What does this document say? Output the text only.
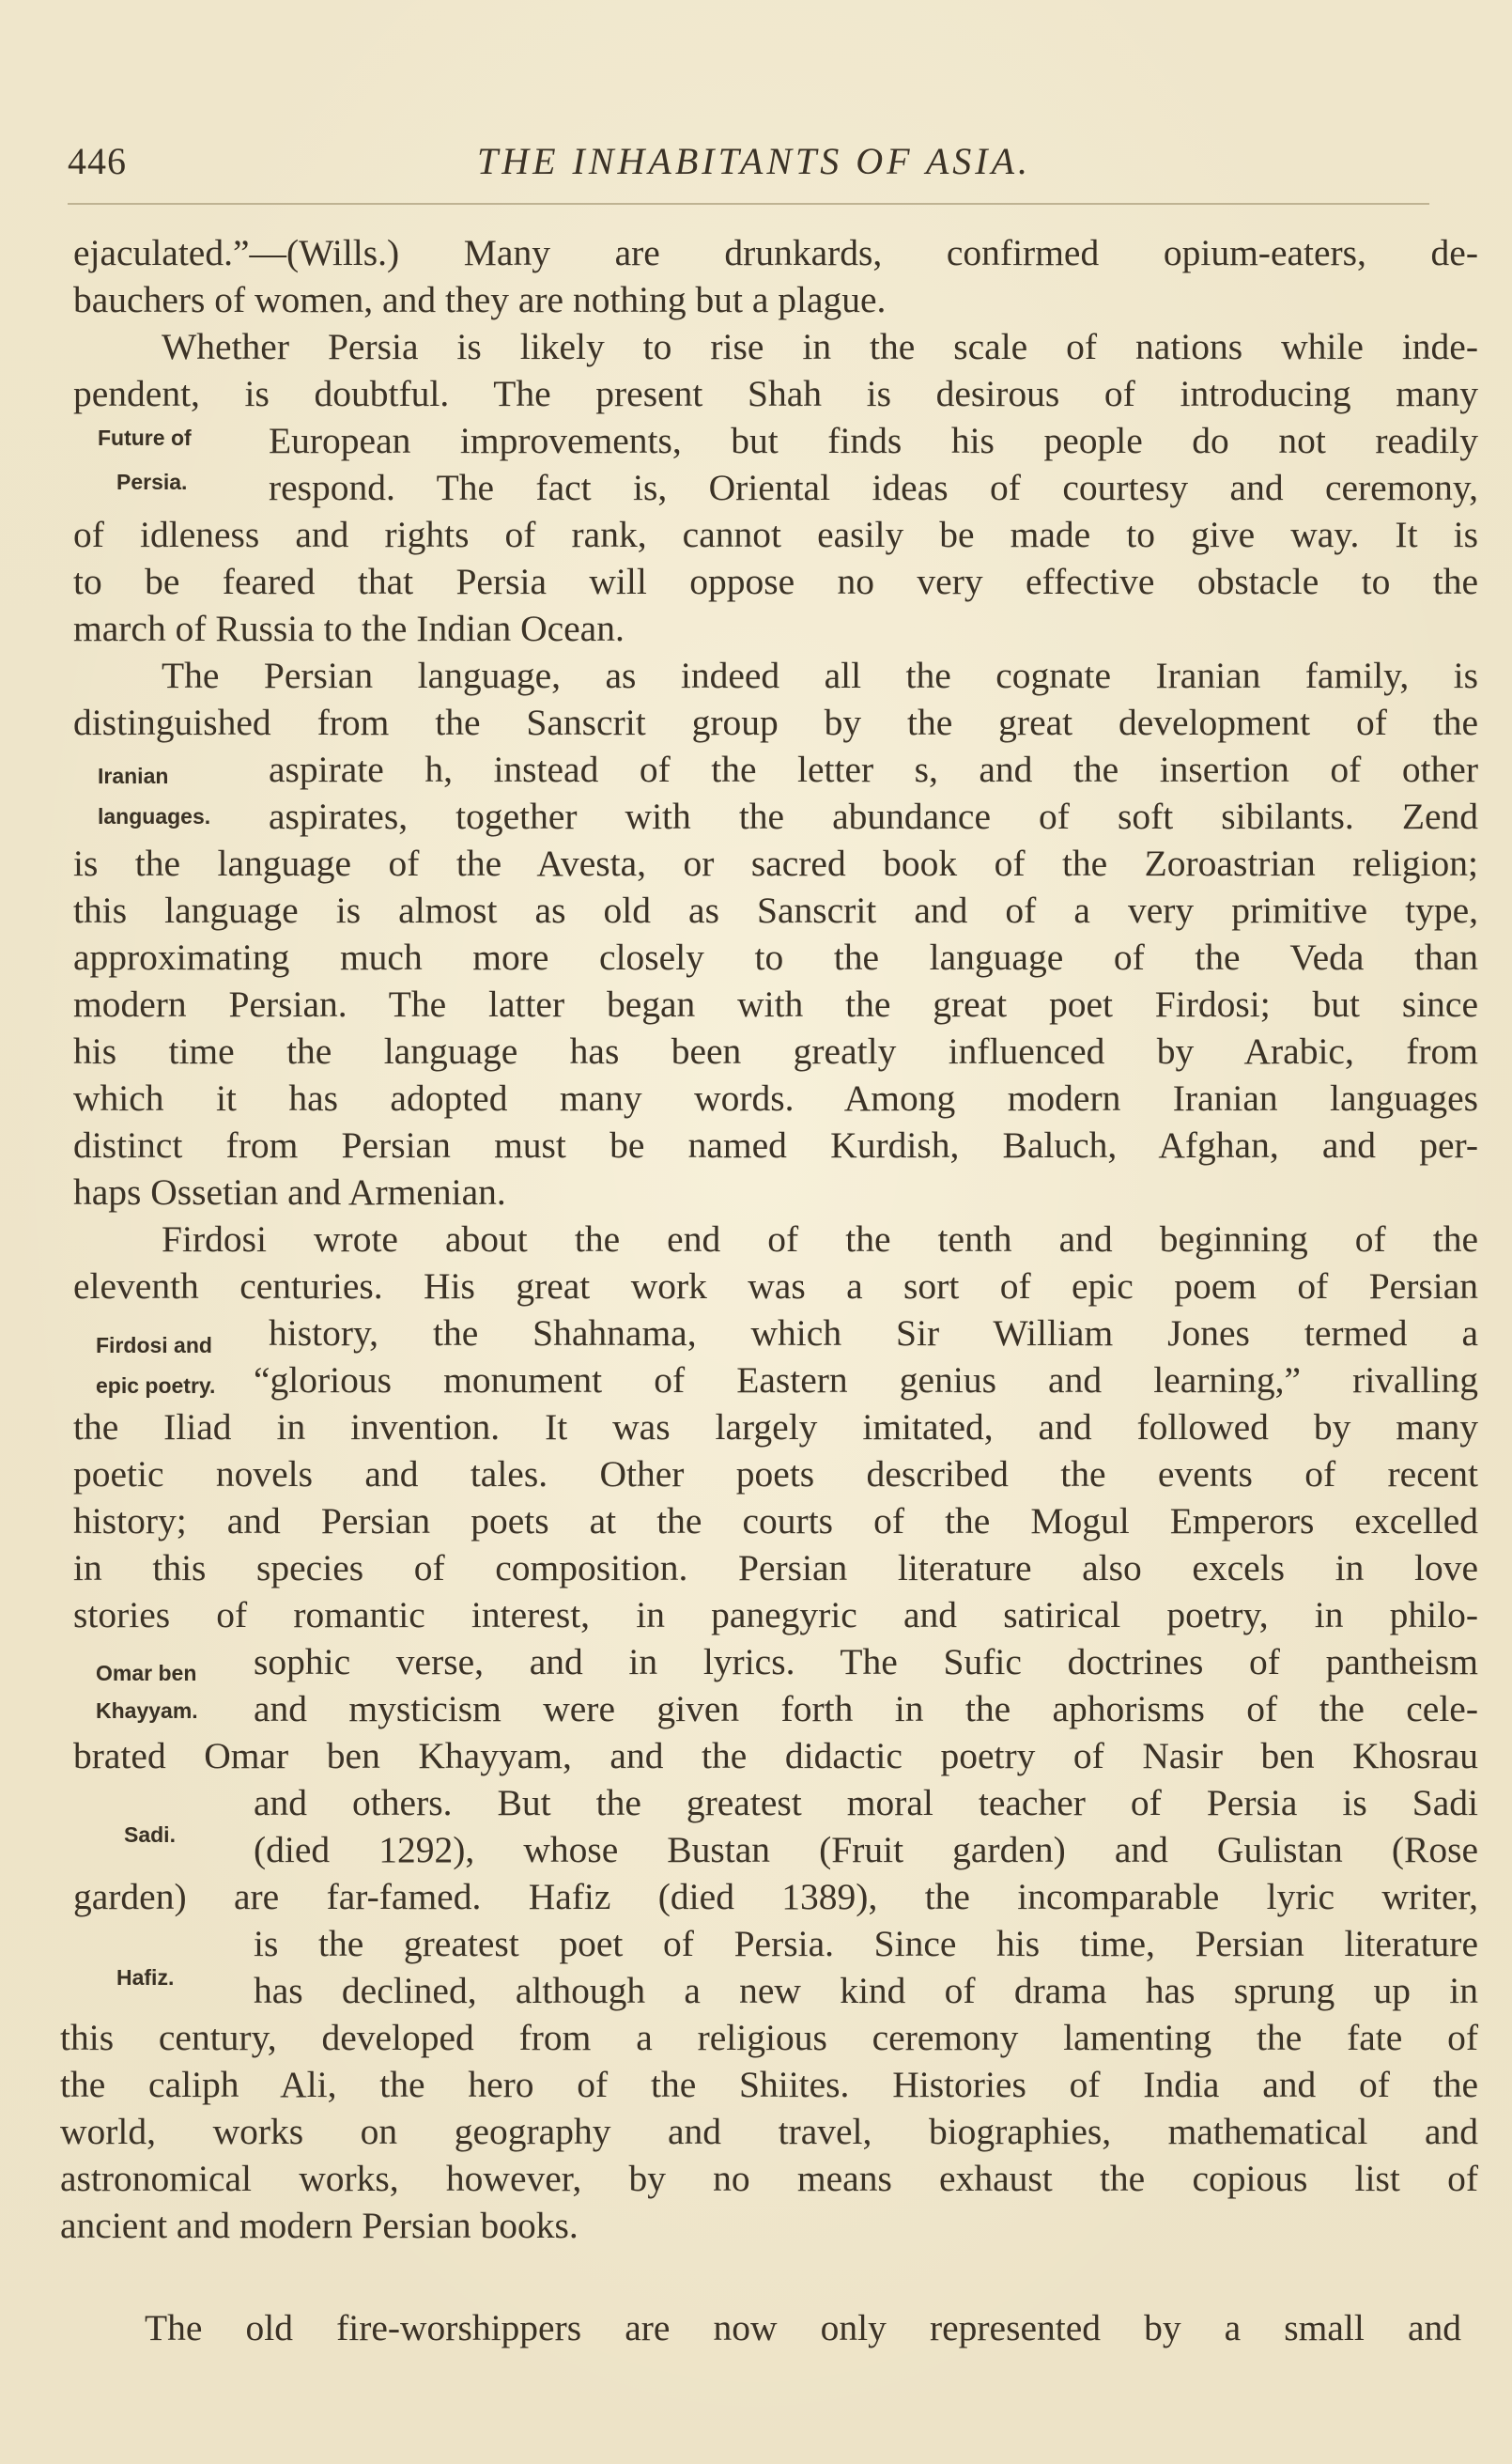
446	THE INHABITANTS OF ASIA.
Future of
Persia.
Iranian
languages.
Firdosi and
epic poetry.
Omar ben
Khayyam.
Sadi.
Hafiz.
ejaculated.”—(Wills.) Many are drunkards, confirmed opium-eaters, de-
bauchers of women, and they are nothing but a plague.
Whether Persia is likely to rise in the scale of nations while inde-
pendent, is doubtful. The present Shah is desirous of introducing many
European improvements, but finds his people do not readily
respond. The fact is, Oriental ideas of courtesy and ceremony,
of idleness and rights of rank, cannot easily be made to give way. It is
to be feared that Persia will oppose no very effective obstacle to the
march of Russia to the Indian Ocean.
The Persian language, as indeed all the cognate Iranian family, is
distinguished from the Sanscrit group by the great development of the
aspirate h, instead of the letter s, and the insertion of other
aspirates, together with the abundance of soft sibilants. Zend
is the language of the Avesta, or sacred book of the Zoroastrian religion;
this language is almost as old as Sanscrit and of a very primitive type,
approximating much more closely to the language of the Veda than
modern Persian. The latter began with the great poet Firdosi; but since
his time the language has been greatly influenced by Arabic, from
which it has adopted many words. Among modern Iranian languages
distinct from Persian must be named Kurdish, Baluch, Afghan, and per-
haps Ossetian and Armenian.
Firdosi wrote about the end of the tenth and beginning of the
eleventh centuries. His great work was a sort of epic poem of Persian
history, the Shahnama, which Sir William Jones termed a
“glorious monument of Eastern genius and learning,” rivalling
the Iliad in invention. It was largely imitated, and followed by many
poetic novels and tales. Other poets described the events of recent
history; and Persian poets at the courts of the Mogul Emperors excelled
in this species of composition. Persian literature also excels in love
stories of romantic interest, in panegyric and satirical poetry, in philo-
sophic verse, and in lyrics. The Sufic doctrines of pantheism
and mysticism were given forth in the aphorisms of the cele-
brated Omar ben Khayyam, and the didactic poetry of Nasir ben Khosrau
and others. But the greatest moral teacher of Persia is Sadi
(died 1292), whose Bustan (Fruit garden) and Gulistan (Rose
garden) are far-famed. Hafiz (died 1389), the incomparable lyric writer,
is the greatest poet of Persia. Since his time, Persian literature
has declined, although a new kind of drama has sprung up in
this century, developed from a religious ceremony lamenting the fate of
the caliph Ali, the hero of the Shiites. Histories of India and of the
world, works on geography and travel, biographies, mathematical and
astronomical works, however, by no means exhaust the copious list of
ancient and modern Persian books.
The old fire-worshippers are now only represented by a small and
